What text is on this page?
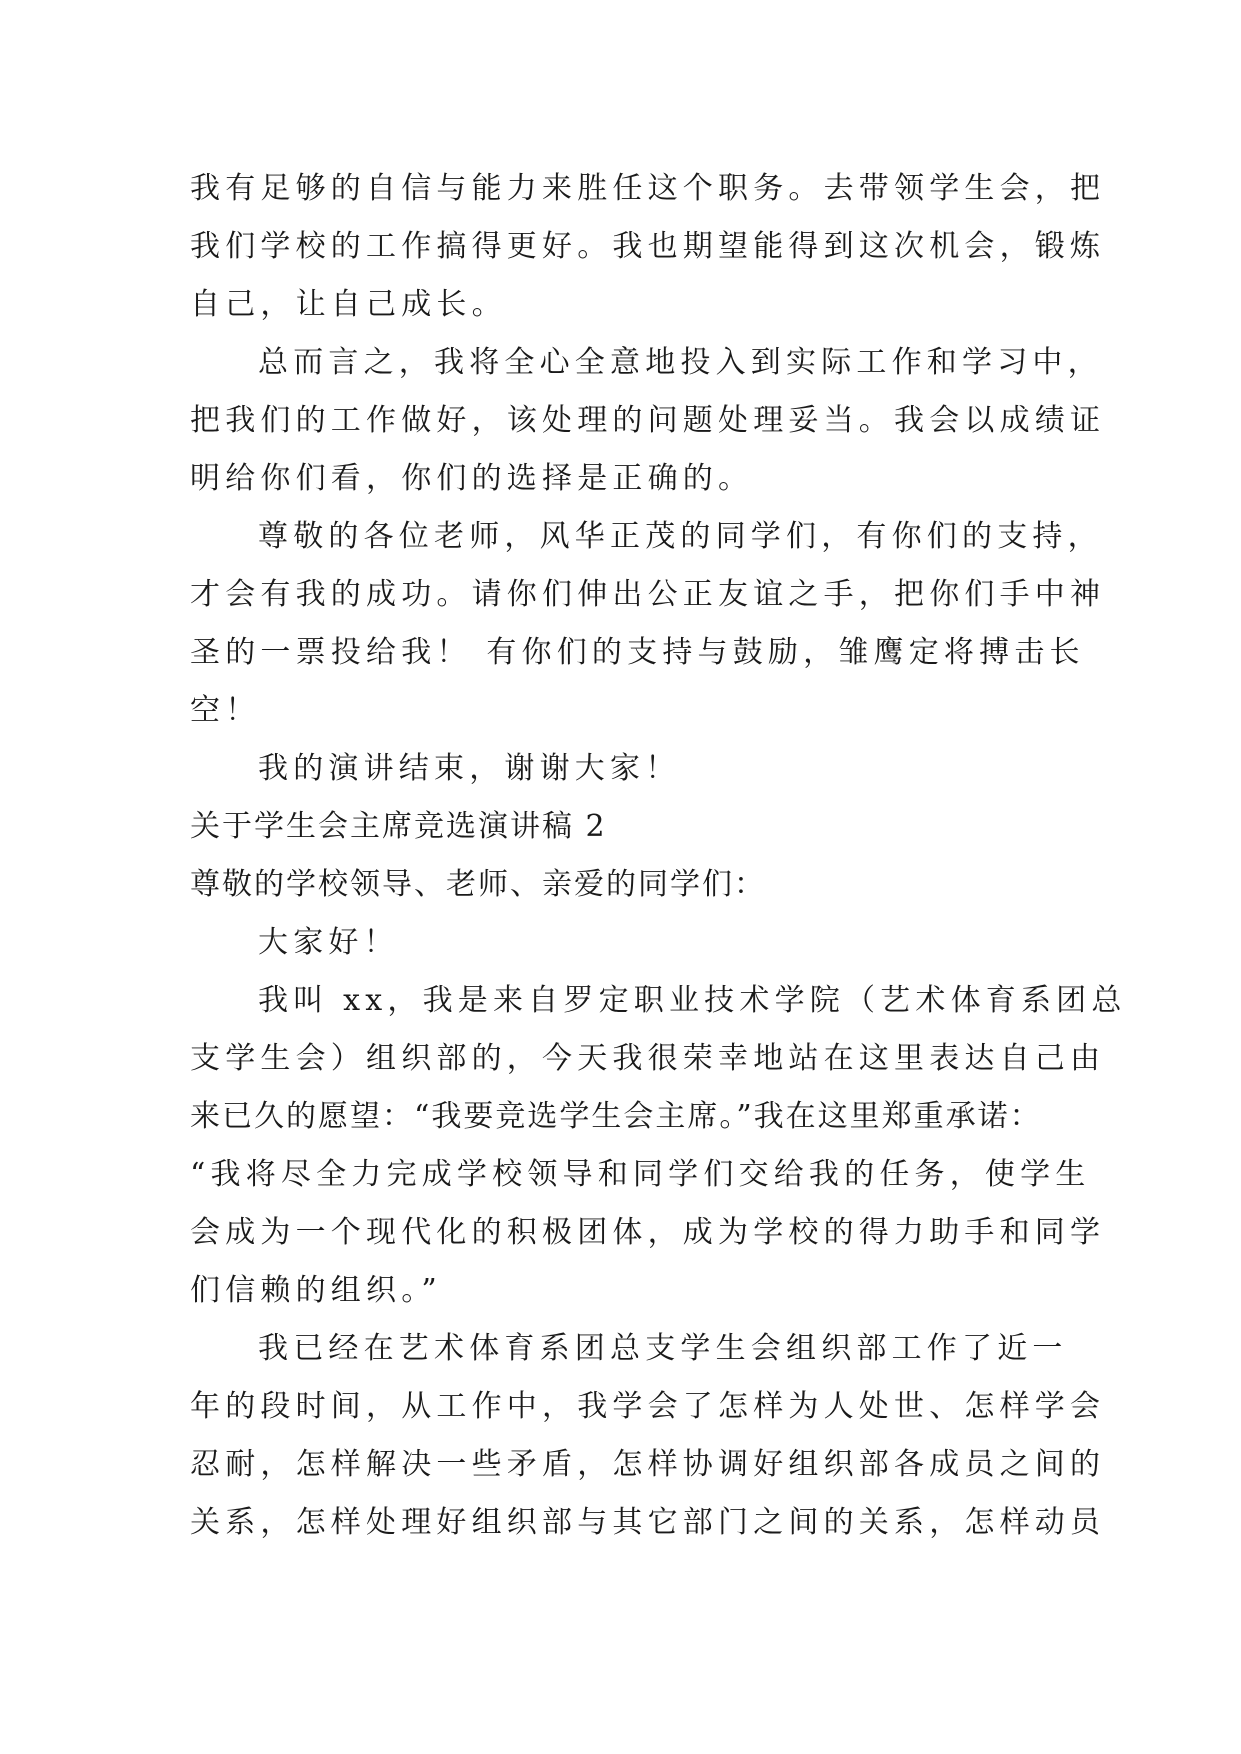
我有足够的自信与能力来胜任这个职务。去带领学生会，把
我们学校的工作搞得更好。我也期望能得到这次机会，锻炼
自己，让自己成长。
总而言之，我将全心全意地投入到实际工作和学习中，
把我们的工作做好，该处理的问题处理妥当。我会以成绩证
明给你们看，你们的选择是正确的。
尊敬的各位老师，风华正茂的同学们，有你们的支持，
才会有我的成功。请你们伸出公正友谊之手，把你们手中神
圣的一票投给我！ 有你们的支持与鼓励，雏鹰定将搏击长
空！
我的演讲结束，谢谢大家！
关于学生会主席竞选演讲稿 2
尊敬的学校领导、老师、亲爱的同学们：
大家好！
我叫 xx，我是来自罗定职业技术学院（艺术体育系团总
支学生会）组织部的，今天我很荣幸地站在这里表达自己由
来已久的愿望：“我要竞选学生会主席。”我在这里郑重承诺：
“我将尽全力完成学校领导和同学们交给我的任务，使学生
会成为一个现代化的积极团体，成为学校的得力助手和同学
们信赖的组织。”
我已经在艺术体育系团总支学生会组织部工作了近一
年的段时间，从工作中，我学会了怎样为人处世、怎样学会
忍耐，怎样解决一些矛盾，怎样协调好组织部各成员之间的
关系，怎样处理好组织部与其它部门之间的关系，怎样动员
